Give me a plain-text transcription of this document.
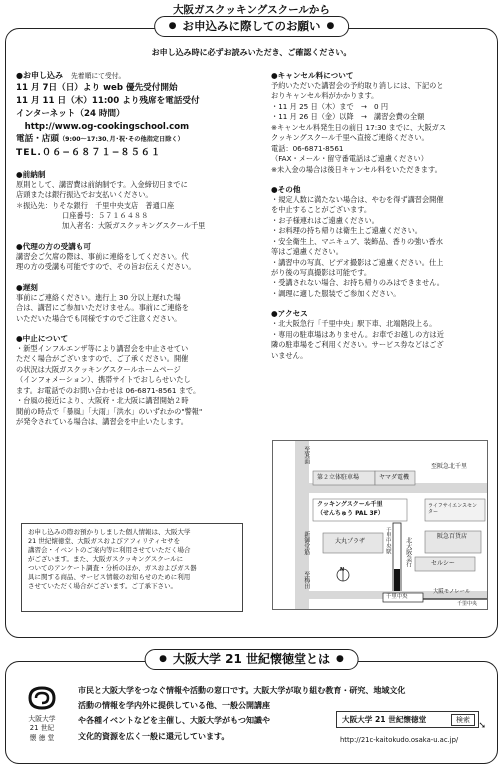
大阪ガスクッキングスクールから
● お申込みに際してのお願い ●
お申し込み時に必ずお読みいただき、ご確認ください。
●お申し込み 先着順にて受付。
11 月 7日（日）より web 優先受付開始
11 月 11 日（木）11:00 より残席を電話受付
インターネット（24 時間）
　http://www.og-cookingschool.com
電話・店頭（9:00〜17:30､月･祝･その他指定日除く）
TEL.０６−６８７１−８５６１
●前納制
原則として、講習費は前納制です。入金締切日までに
店頭または銀行振込でお支払いください。
＊振込先：りそな銀行　千里中央支店　普通口座
口座番号：５７１６４８８
加入者名：大阪ガスクッキングスクール千里
●代理の方の受講も可
講習会ご欠席の際は、事前に連絡をしてください。代
理の方の受講も可能ですので、その旨お伝えください。
●遅刻
事前にご連絡ください。進行上 30 分以上遅れた場
合は、講習にご参加いただけません。事前にご連絡を
いただいた場合でも同様ですのでご注意ください。
●中止について
・新型インフルエンザ等により講習会を中止させてい
ただく場合がございますので、ご了承ください。開催
の状況は大阪ガスクッキングスクールホームページ
（インフォメーション）、携帯サイトでおしらせいたし
ます。お電話でのお問い合わせは 06-6871-8561 まで。
・台風の接近により、大阪府・北大阪に講習開始２時
間前の時点で「暴風」｢大雨｣「洪水」のいずれかの"警報"
が発令されている場合は、講習会を中止いたします。
お申し込みの際お預かりしました個人情報は、大阪大学
21 世紀懐徳堂、大阪ガスおよびアフィリティセサを
講習会・イベントのご案内等に利用させていただく場合
がございます。また、大阪ガスクッキングスクールに
ついてのアンケート調査・分析のほか、ガスおよびガス器
具に関する商品、サービス情報のお知らせのために利用
させていただく場合がございます。ご了承下さい。
●キャンセル料について
予約いただいた講習会の予約取り消しには、下記のと
おりキャンセル料がかかります。
・11 月 25 日（木）まで　→　0 円
・11 月 26 日（金）以降　→　講習会費の全額
※キャンセル料発生日の前日 17:30 までに、大阪ガス
クッキングスクール千里へ直接ご連絡ください。
電話：06-6871-8561
（FAX・メール・留守番電話はご遠慮ください）
※未入金の場合は後日キャンセル料をいただきます。
●その他
・規定人数に満たない場合は、やむを得ず講習会開催
を中止することがございます。
・お子様連れはご遠慮ください。
・お料理の持ち帰りは衛生上ご遠慮ください。
・安全衛生上、マニキュア、装飾品、香りの強い香水
等はご遠慮ください。
・講習中の写真、ビデオ撮影はご遠慮ください。仕上
がり後の写真撮影は可能です。
・受講されない場合、お持ち帰りのみはできません。
・調理に適した服装でご参加ください。
●アクセス
・北大阪急行「千里中央」駅下車、北端階段上る。
・専用の駐車場はありません。お車でお越しの方は近
隣の駐車場をご利用ください。サービス券などはござ
いません。
至箕面
新御堂筋
至梅田
至阪急北千里
第２立体駐車場	ヤマダ電機
クッキングスクール千里
（せんちゅう PAL 3F）
ライフサイエンスセンター
大丸プラザ
阪急百貨店
セルシー
北大阪急行
千里中央駅
N
千里中央
大阪モノレール
千里中央
● 大阪大学 21 世紀懐徳堂とは ●
大阪大学
21 世紀
懐 徳 堂
市民と大阪大学をつなぐ情報や活動の窓口です。大阪大学が取り組む教育・研究、地域文化
活動の情報を学内外に提供している他、一般公開講座
や各種イベントなどを主催し、大阪大学がもつ知識や
文化的資源を広く一般に還元しています。
大阪大学 21 世紀懐徳堂	検索
➘
http://21c-kaitokudo.osaka-u.ac.jp/
